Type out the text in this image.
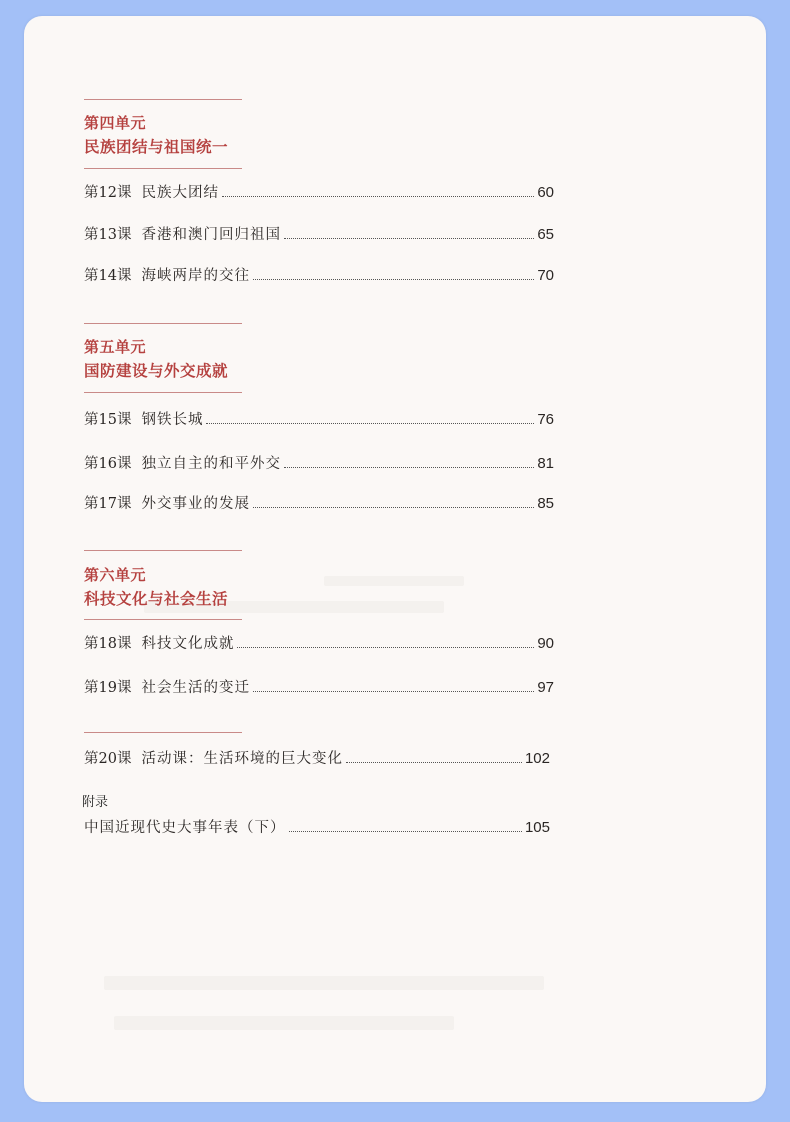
第四单元
民族团结与祖国统一
第12课 民族大团结	60
第13课 香港和澳门回归祖国	65
第14课 海峡两岸的交往	70
第五单元
国防建设与外交成就
第15课 钢铁长城	76
第16课 独立自主的和平外交	81
第17课 外交事业的发展	85
第六单元
科技文化与社会生活
第18课 科技文化成就	90
第19课 社会生活的变迁	97
第20课 活动课：生活环境的巨大变化	102
附录
中国近现代史大事年表（下）	105
